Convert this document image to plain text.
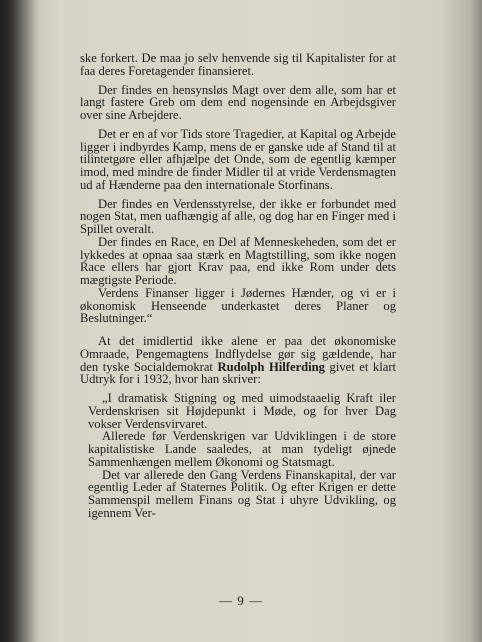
ske forkert. De maa jo selv henvende sig til Kapitalister for at faa deres Foretagender finansieret.

Der findes en hensynsløs Magt over dem alle, som har et langt fastere Greb om dem end nogensinde en Arbejdsgiver over sine Arbejdere.

Det er en af vor Tids store Tragedier, at Kapital og Arbejde ligger i indbyrdes Kamp, mens de er ganske ude af Stand til at tilintetgøre eller afhjælpe det Onde, som de egentlig kæmper imod, med mindre de finder Midler til at vride Verdensmagten ud af Hænderne paa den internationale Storfinans.

Der findes en Verdensstyrelse, der ikke er forbundet med nogen Stat, men uafhængig af alle, og dog har en Finger med i Spillet overalt.

Der findes en Race, en Del af Menneskeheden, som det er lykkedes at opnaa saa stærk en Magtstilling, som ikke nogen Race ellers har gjort Krav paa, end ikke Rom under dets mægtigste Periode.

Verdens Finanser ligger i Jødernes Hænder, og vi er i økonomisk Henseende underkastet deres Planer og Beslutninger.“

At det imidlertid ikke alene er paa det økonomiske Omraade, Pengemagtens Indflydelse gør sig gældende, har den tyske Socialdemokrat Rudolph Hilferding givet et klart Udtryk for i 1932, hvor han skriver:

„I dramatisk Stigning og med uimodstaaelig Kraft iler Verdenskrisen sit Højdepunkt i Møde, og for hver Dag vokser Verdensvirvaret.

Allerede før Verdenskrigen var Udviklingen i de store kapitalistiske Lande saaledes, at man tydeligt øjnede Sammenhængen mellem Økonomi og Statsmagt.

Det var allerede den Gang Verdens Finanskapital, der var egentlig Leder af Staternes Politik. Og efter Krigen er dette Sammenspil mellem Finans og Stat i uhyre Udvikling, og igennem Ver-

— 9 —
